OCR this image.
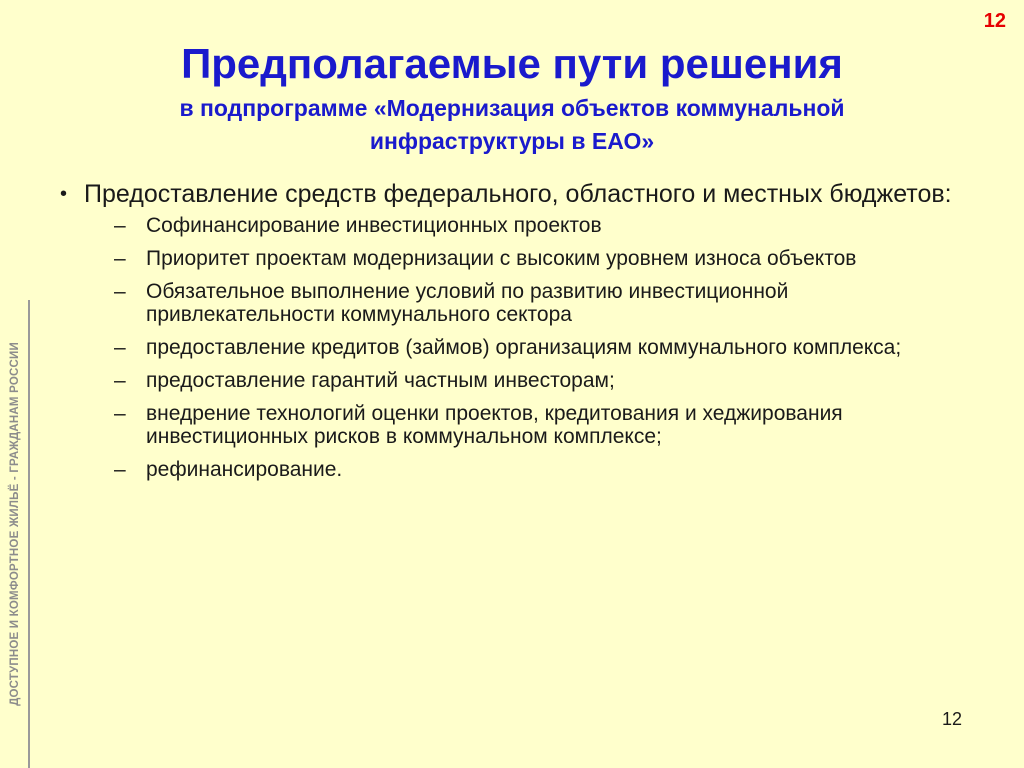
12
Предполагаемые пути решения
в подпрограмме «Модернизация объектов коммунальной инфраструктуры в ЕАО»
ДОСТУПНОЕ И КОМФОРТНОЕ ЖИЛЬЁ - ГРАЖДАНАМ РОССИИ
• Предоставление средств федерального, областного и местных бюджетов:
– Софинансирование инвестиционных проектов
– Приоритет проектам модернизации с высоким уровнем износа объектов
– Обязательное выполнение условий по развитию инвестиционной привлекательности коммунального сектора
– предоставление кредитов (займов) организациям коммунального комплекса;
– предоставление гарантий частным инвесторам;
– внедрение технологий оценки проектов, кредитования и хеджирования инвестиционных рисков в коммунальном комплексе;
– рефинансирование.
12
